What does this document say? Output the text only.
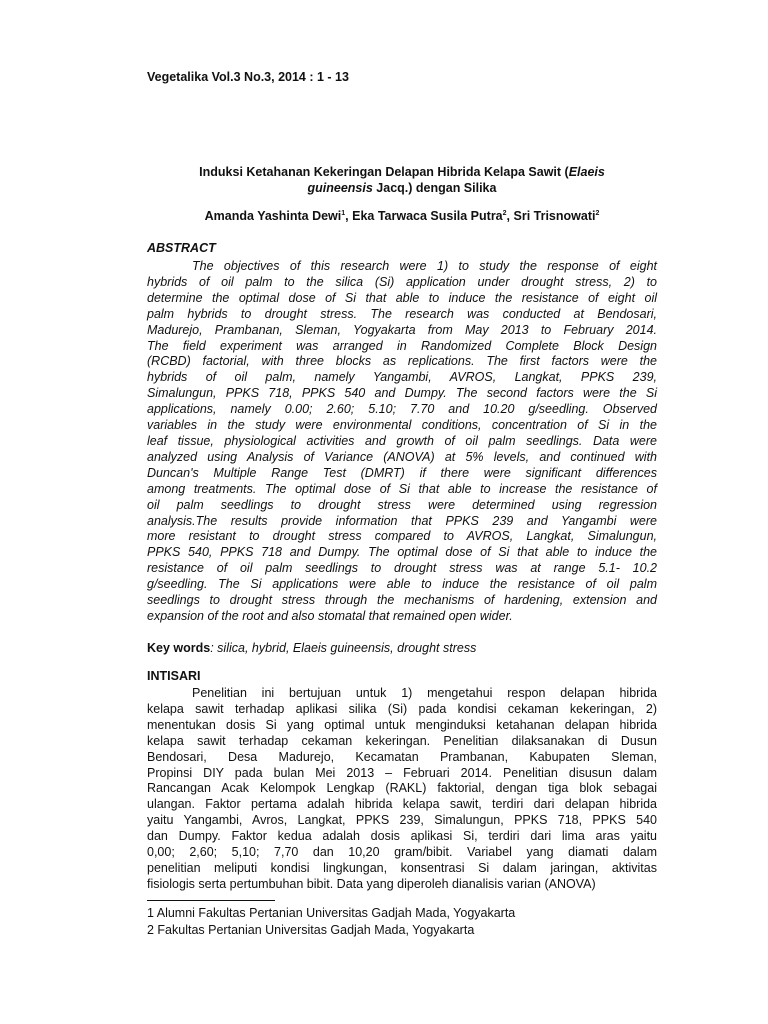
Vegetalika Vol.3 No.3, 2014 : 1 - 13
Induksi Ketahanan Kekeringan Delapan Hibrida Kelapa Sawit (Elaeis
guineensis Jacq.) dengan Silika
Amanda Yashinta Dewi$^1$, Eka Tarwaca Susila Putra$^2$, Sri Trisnowati$^2$
ABSTRACT
The objectives of this research were 1) to study the response of eight
hybrids of oil palm to the silica (Si) application under drought stress, 2) to
determine the optimal dose of Si that able to induce the resistance of eight oil
palm hybrids to drought stress. The research was conducted at Bendosari,
Madurejo, Prambanan, Sleman, Yogyakarta from May 2013 to February 2014.
The field experiment was arranged in Randomized Complete Block Design
(RCBD) factorial, with three blocks as replications. The first factors were the
hybrids of oil palm, namely Yangambi, AVROS, Langkat, PPKS 239,
Simalungun, PPKS 718, PPKS 540 and Dumpy. The second factors were the Si
applications, namely 0.00; 2.60; 5.10; 7.70 and 10.20 g/seedling. Observed
variables in the study were environmental conditions, concentration of Si in the
leaf tissue, physiological activities and growth of oil palm seedlings. Data were
analyzed using Analysis of Variance (ANOVA) at 5% levels, and continued with
Duncan's Multiple Range Test (DMRT) if there were significant differences
among treatments. The optimal dose of Si that able to increase the resistance of
oil palm seedlings to drought stress were determined using regression
analysis.The results provide information that PPKS 239 and Yangambi were
more resistant to drought stress compared to AVROS, Langkat, Simalungun,
PPKS 540, PPKS 718 and Dumpy. The optimal dose of Si that able to induce the
resistance of oil palm seedlings to drought stress was at range 5.1- 10.2
g/seedling. The Si applications were able to induce the resistance of oil palm
seedlings to drought stress through the mechanisms of hardening, extension and
expansion of the root and also stomatal that remained open wider.
Key words: silica, hybrid, Elaeis guineensis, drought stress
INTISARI
Penelitian ini bertujuan untuk 1) mengetahui respon delapan hibrida
kelapa sawit terhadap aplikasi silika (Si) pada kondisi cekaman kekeringan, 2)
menentukan dosis Si yang optimal untuk menginduksi ketahanan delapan hibrida
kelapa sawit terhadap cekaman kekeringan. Penelitian dilaksanakan di Dusun
Bendosari, Desa Madurejo, Kecamatan Prambanan, Kabupaten Sleman,
Propinsi DIY pada bulan Mei 2013 – Februari 2014. Penelitian disusun dalam
Rancangan Acak Kelompok Lengkap (RAKL) faktorial, dengan tiga blok sebagai
ulangan. Faktor pertama adalah hibrida kelapa sawit, terdiri dari delapan hibrida
yaitu Yangambi, Avros, Langkat, PPKS 239, Simalungun, PPKS 718, PPKS 540
dan Dumpy. Faktor kedua adalah dosis aplikasi Si, terdiri dari lima aras yaitu
0,00; 2,60; 5,10; 7,70 dan 10,20 gram/bibit. Variabel yang diamati dalam
penelitian meliputi kondisi lingkungan, konsentrasi Si dalam jaringan, aktivitas
fisiologis serta pertumbuhan bibit. Data yang diperoleh dianalisis varian (ANOVA)
1 Alumni Fakultas Pertanian Universitas Gadjah Mada, Yogyakarta
2 Fakultas Pertanian Universitas Gadjah Mada, Yogyakarta
